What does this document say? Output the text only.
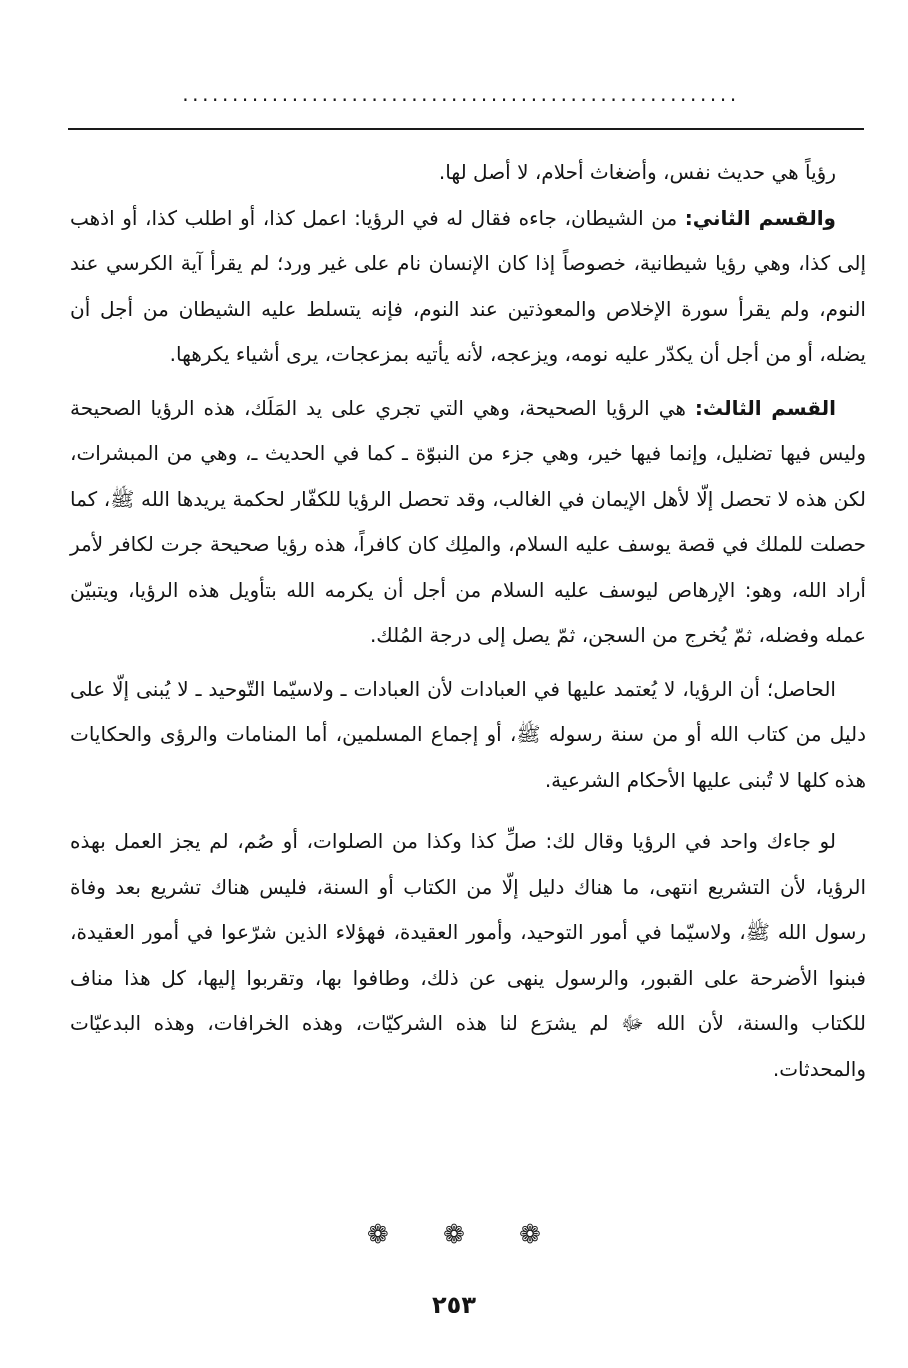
........................................................

رؤياً هي حديث نفس، وأضغاث أحلام، لا أصل لها.

والقسم الثاني: من الشيطان، جاءه فقال له في الرؤيا: اعمل كذا، أو اطلب كذا، أو اذهب إلى كذا، وهي رؤيا شيطانية، خصوصاً إذا كان الإنسان نام على غير ورد؛ لم يقرأ آية الكرسي عند النوم، ولم يقرأ سورة الإخلاص والمعوذتين عند النوم، فإنه يتسلط عليه الشيطان من أجل أن يضله، أو من أجل أن يكدّر عليه نومه، ويزعجه، لأنه يأتيه بمزعجات، يرى أشياء يكرهها.

القسم الثالث: هي الرؤيا الصحيحة، وهي التي تجري على يد المَلَك، هذه الرؤيا الصحيحة وليس فيها تضليل، وإنما فيها خير، وهي جزء من النبوّة ـ كما في الحديث ـ، وهي من المبشرات، لكن هذه لا تحصل إلّا لأهل الإيمان في الغالب، وقد تحصل الرؤيا للكفّار لحكمة يريدها الله ﷺ، كما حصلت للملك في قصة يوسف عليه السلام، والملِك كان كافراً، هذه رؤيا صحيحة جرت لكافر لأمر أراد الله، وهو: الإرهاص ليوسف عليه السلام من أجل أن يكرمه الله بتأويل هذه الرؤيا، ويتبيّن عمله وفضله، ثمّ يُخرج من السجن، ثمّ يصل إلى درجة المُلك.

الحاصل؛ أن الرؤيا، لا يُعتمد عليها في العبادات لأن العبادات ـ ولاسيّما التّوحيد ـ لا يُبنى إلّا على دليل من كتاب الله أو من سنة رسوله ﷺ، أو إجماع المسلمين، أما المنامات والرؤى والحكايات هذه كلها لا تُبنى عليها الأحكام الشرعية.

لو جاءك واحد في الرؤيا وقال لك: صلِّ كذا وكذا من الصلوات، أو صُم، لم يجز العمل بهذه الرؤيا، لأن التشريع انتهى، ما هناك دليل إلّا من الكتاب أو السنة، فليس هناك تشريع بعد وفاة رسول الله ﷺ، ولاسيّما في أمور التوحيد، وأمور العقيدة، فهؤلاء الذين شرّعوا في أمور العقيدة، فبنوا الأضرحة على القبور، والرسول ينهى عن ذلك، وطافوا بها، وتقربوا إليها، كل هذا مناف للكتاب والسنة، لأن الله ﷻ لم يشرَع لنا هذه الشركيّات، وهذه الخرافات، وهذه البدعيّات والمحدثات.

❁ ❁ ❁
٢٥٣
